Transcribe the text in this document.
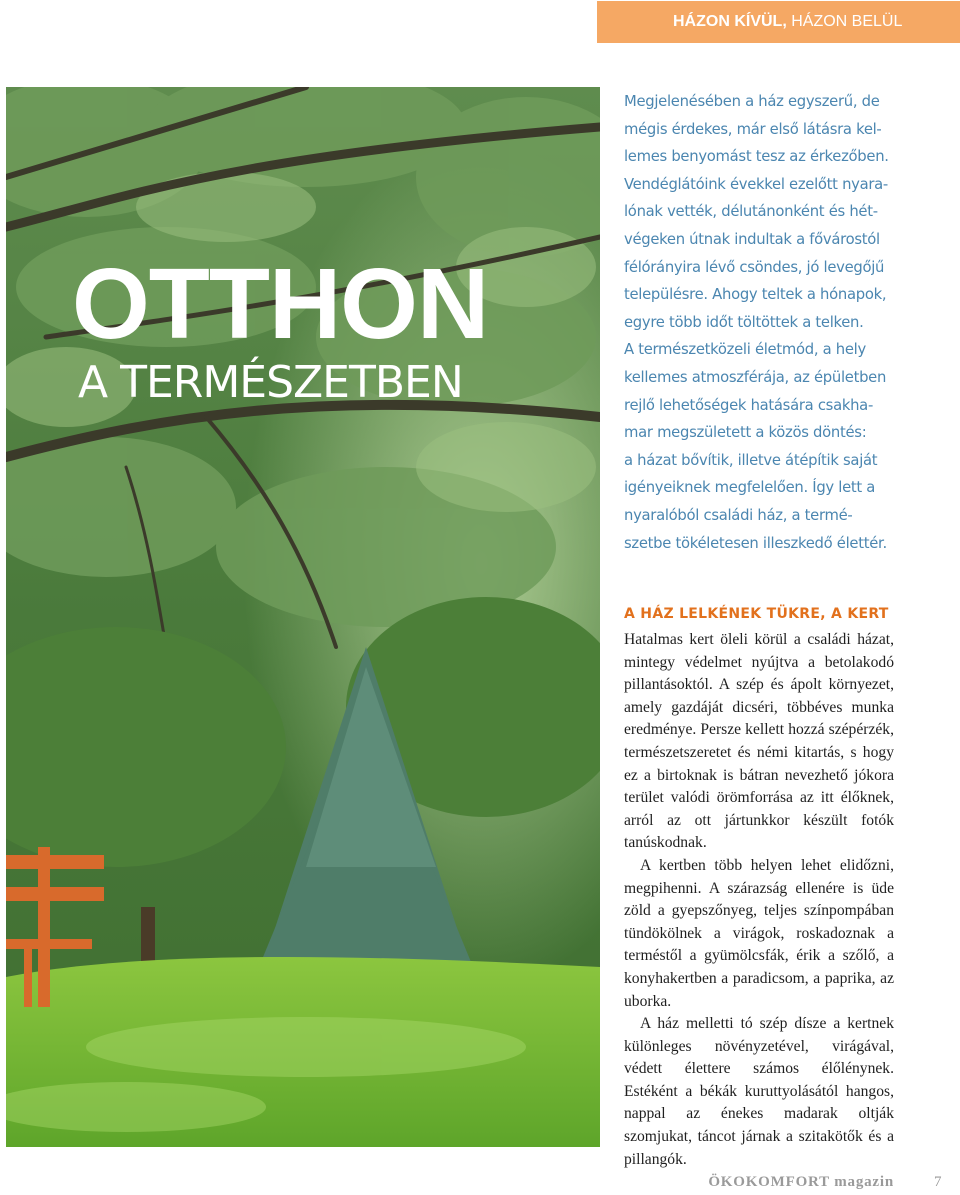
HÁZON KÍVÜL,
HÁZON BELÜL
OTTHON
A TERMÉSZETBEN

Megjelenésében a ház egyszerű, de
mégis érdekes, már első látásra kel-
lemes benyomást tesz az érkezőben.
Vendéglátóink évekkel ezelőtt nyara-
lónak vették, délutánonként és hét-
végeken útnak indultak a fővárostól
félórányira lévő csöndes, jó levegőjű
településre. Ahogy teltek a hónapok,
egyre több időt töltöttek a telken.
A természetközeli életmód, a hely
kellemes atmoszférája, az épületben
rejlő lehetőségek hatására csakha-
mar megszületett a közös döntés:
a házat bővítik, illetve átépítik saját
igényeiknek megfelelően. Így lett a
nyaralóból családi ház, a termé-
szetbe tökéletesen illeszkedő élettér.

A HÁZ LELKÉNEK TÜKRE, A KERT

Hatalmas kert öleli körül a családi házat, mintegy védelmet nyújtva a betolakodó pillantásoktól. A szép és ápolt környezet, amely gazdáját dicséri, többéves munka eredménye. Persze kellett hozzá szépérzék, természetszeretet és némi kitartás, s hogy ez a birtoknak is bátran nevezhető jókora terület valódi örömforrása az itt élőknek, arról az ott jártunkkor készült fotók tanúskodnak.

A kertben több helyen lehet elidőzni, megpihenni. A szárazság ellenére is üde zöld a gyepszőnyeg, teljes színpompában tündökölnek a virágok, roskadoznak a terméstől a gyümölcsfák, érik a szőlő, a konyhakertben a paradicsom, a paprika, az uborka.

A ház melletti tó szép dísze a kertnek különleges növényzetével, virágával, védett élettere számos élőlénynek. Estéként a békák kuruttyolásától hangos, nappal az énekes madarak oltják szomjukat, táncot járnak a szitakötők és a pillangók.

ÖKOKOMFORT magazin	7
